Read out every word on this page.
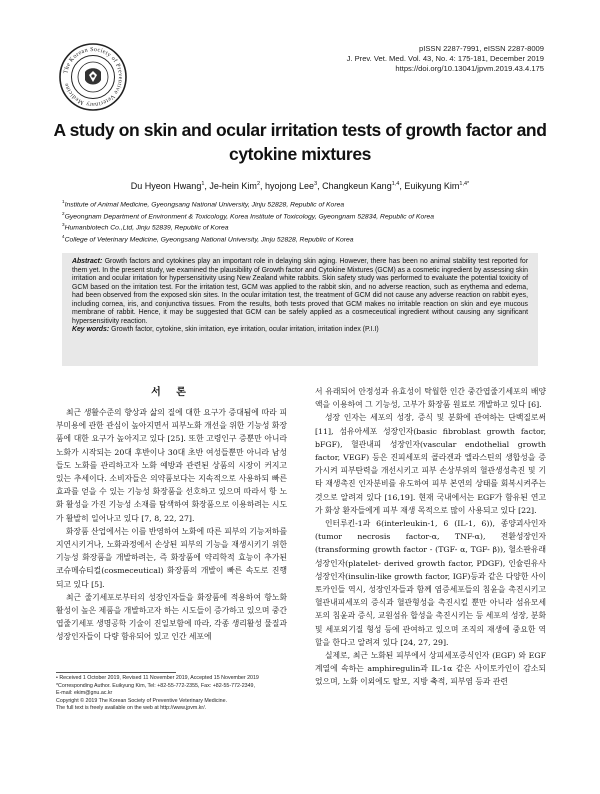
The Korean Society of Preventive Veterinary Medicine
pISSN 2287-7991, eISSN 2287-8009
J. Prev. Vet. Med. Vol. 43, No. 4: 175-181, December 2019
https://doi.org/10.13041/jpvm.2019.43.4.175
A study on skin and ocular irritation tests of growth factor and cytokine mixtures
Du Hyeon Hwang$^1$, Je-hein Kim$^2$, hyojong Lee$^3$, Changkeun Kang$^{1,4}$, Euikyung Kim$^{1,4*}$
$^1$Institute of Animal Medicine, Gyeongsang National University, Jinju 52828, Republic of Korea
$^2$Gyeongnam Department of Environment & Toxicology, Korea Institute of Toxicology, Gyeongnam 52834, Republic of Korea
$^3$Humanbiotech Co.,Ltd, Jinju 52839, Republic of Korea
$^4$College of Veterinary Medicine, Gyeongsang National University, Jinju 52828, Republic of Korea
Abstract: Growth factors and cytokines play an important role in delaying skin aging. However, there has been no animal stability test reported for them yet. In the present study, we examined the plausibility of Growth factor and Cytokine Mixtures (GCM) as a cosmetic ingredient by assessing skin irritation and ocular irritation for hypersensitivity using New Zealand white rabbits. Skin safety study was performed to evaluate the potential toxicity of GCM based on the irritation test. For the irritation test, GCM was applied to the rabbit skin, and no adverse reaction, such as erythema and edema, had been observed from the exposed skin sites. In the ocular irritation test, the treatment of GCM did not cause any adverse reaction on rabbit eyes, including cornea, iris, and conjunctiva tissues. From the results, both tests proved that GCM makes no irritable reaction on skin and eye mucous membrane of rabbit. Hence, it may be suggested that GCM can be safely applied as a cosmeceutical ingredient without causing any significant hypersensitivity reaction.
Key words: Growth factor, cytokine, skin irritation, eye irritation, ocular irritation, irritation index (P.I.I)
서 론

최근 생활수준의 향상과 삶의 질에 대한 요구가 증대됨에 따라 피부미용에 관한 관심이 높아지면서 피부노화 개선을 위한 기능성 화장품에 대한 요구가 높아지고 있다 [25]. 또한 고령인구 증뿐만 아니라 노화가 시작되는 20대 후반이나 30대 초반 여성들뿐만 아니라 남성들도 노화를 관리하고자 노화 예방과 관련된 상품의 시장이 커지고 있는 추세이다. 소비자들은 의약품보다는 지속적으로 사용하되 빠른 효과를 얻을 수 있는 기능성 화장품을 선호하고 있으며 따라서 항 노화 활성을 가진 기능성 소재를 탐색하여 화장품으로 이용하려는 시도가 활발히 일어나고 있다 [7, 8, 22, 27].

화장품 산업에서는 이를 반영하여 노화에 따른 피부의 기능저하를 지연시키거나, 노화과정에서 손상된 피부의 기능을 재생시키기 위한 기능성 화장품을 개발하려는, 즉 화장품에 약리학적 효능이 추가된 코슈메슈티컬(cosmeceutical) 화장품의 개발이 빠른 속도로 진행되고 있다 [5].

최근 줄기세포로부터의 성장인자들을 화장품에 적용하여 항노화 활성이 높은 제품을 개발하고자 하는 시도들이 증가하고 있으며 중간엽줄기세포 생명공학 기술이 진일보함에 따라, 각종 생리활성 물질과 성장인자들이 다량 함유되어 있고 인간 세포에

서 유래되어 안정성과 유효성이 탁월한 인간 중간엽줄기세포의 배양액을 이용하여 그 기능성, 고부가 화장품 원료로 개발하고 있다 [6].

성장 인자는 세포의 성장, 증식 및 분화에 관여하는 단백질로써 [11], 섬유아세포 성장인자(basic fibroblast growth factor, bFGF), 혈관내피 성장인자(vascular endothelial growth factor, VEGF) 등은 진피세포의 콜라겐과 엘라스틴의 생합성을 증가시켜 피부탄력을 개선시키고 피부 손상부위의 혈관생성촉진 및 기타 재생촉진 인자분비를 유도하여 피부 본연의 상태를 회복시켜주는 것으로 알려져 있다 [16,19]. 현재 국내에서는 EGF가 함유된 연고가 화상 환자들에게 피부 재생 목적으로 많이 사용되고 있다 [22].

인터루킨-1과 6(interleukin-1, 6 (IL-1, 6)), 종양괴사인자(tumor necrosis factor-α, TNF-α), 전환성장인자(transforming growth factor - (TGF- α, TGF- β)), 혈소판유래성장인자(platelet- derived growth factor, PDGF), 인슐린유사성장인자(insulin-like growth factor, IGF)등과 같은 다양한 사이토카인들 역시, 성장인자들과 함께 염증세포들의 침윤을 촉진시키고 혈관내피세포의 증식과 혈관형성을 촉진시킬 뿐만 아니라 섬유모세포의 침윤과 증식, 교원섬유 합성을 촉진시키는 등 세포의 성장, 분화 및 세포외기질 형성 등에 관여하고 있으며 조직의 재생에 중요한 역할을 한다고 알려져 있다 [24, 27, 29].

실제로, 최근 노화된 피부에서 상피세포증식인자 (EGF) 와 EGF 계열에 속하는 amphiregulin과 IL-1α 같은 사이토카인이 감소되었으며, 노화 이외에도 탈모, 지방 축적, 피부염 등과 관련

• Received 1 October 2019, Revised 11 November 2019, Accepted 15 November 2019
*Corresponding Author. Euikyung Kim, Tel: +82-55-772-2355, Fax: +82-55-772-2349,
E-mail: ekim@gnu.ac.kr
Copyright © 2019 The Korean Society of Preventive Veterinary Medicine.
The full text is freely available on the web at http://www.jpvm.kr/.
